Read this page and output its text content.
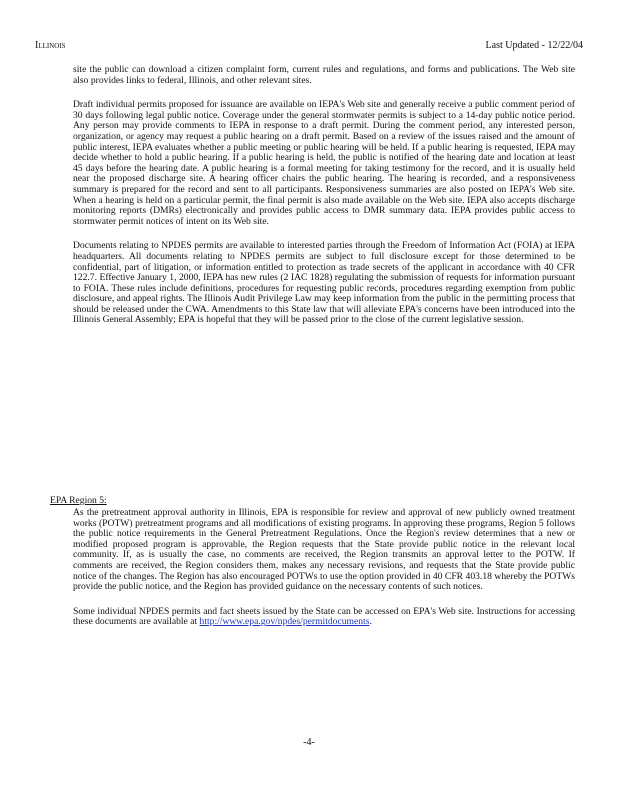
Illinois	Last Updated - 12/22/04

site the public can download a citizen complaint form, current rules and regulations, and forms and publications. The Web site also provides links to federal, Illinois, and other relevant sites.

Draft individual permits proposed for issuance are available on IEPA's Web site and generally receive a public comment period of 30 days following legal public notice. Coverage under the general stormwater permits is subject to a 14-day public notice period. Any person may provide comments to IEPA in response to a draft permit. During the comment period, any interested person, organization, or agency may request a public hearing on a draft permit. Based on a review of the issues raised and the amount of public interest, IEPA evaluates whether a public meeting or public hearing will be held. If a public hearing is requested, IEPA may decide whether to hold a public hearing. If a public hearing is held, the public is notified of the hearing date and location at least 45 days before the hearing date. A public hearing is a formal meeting for taking testimony for the record, and it is usually held near the proposed discharge site. A hearing officer chairs the public hearing. The hearing is recorded, and a responsiveness summary is prepared for the record and sent to all participants. Responsiveness summaries are also posted on IEPA's Web site. When a hearing is held on a particular permit, the final permit is also made available on the Web site. IEPA also accepts discharge monitoring reports (DMRs) electronically and provides public access to DMR summary data. IEPA provides public access to stormwater permit notices of intent on its Web site.

Documents relating to NPDES permits are available to interested parties through the Freedom of Information Act (FOIA) at IEPA headquarters. All documents relating to NPDES permits are subject to full disclosure except for those determined to be confidential, part of litigation, or information entitled to protection as trade secrets of the applicant in accordance with 40 CFR 122.7. Effective January 1, 2000, IEPA has new rules (2 IAC 1828) regulating the submission of requests for information pursuant to FOIA. These rules include definitions, procedures for requesting public records, procedures regarding exemption from public disclosure, and appeal rights. The Illinois Audit Privilege Law may keep information from the public in the permitting process that should be released under the CWA. Amendments to this State law that will alleviate EPA's concerns have been introduced into the Illinois General Assembly; EPA is hopeful that they will be passed prior to the close of the current legislative session.

EPA Region 5:

As the pretreatment approval authority in Illinois, EPA is responsible for review and approval of new publicly owned treatment works (POTW) pretreatment programs and all modifications of existing programs. In approving these programs, Region 5 follows the public notice requirements in the General Pretreatment Regulations. Once the Region's review determines that a new or modified proposed program is approvable, the Region requests that the State provide public notice in the relevant local community. If, as is usually the case, no comments are received, the Region transmits an approval letter to the POTW. If comments are received, the Region considers them, makes any necessary revisions, and requests that the State provide public notice of the changes. The Region has also encouraged POTWs to use the option provided in 40 CFR 403.18 whereby the POTWs provide the public notice, and the Region has provided guidance on the necessary contents of such notices.

Some individual NPDES permits and fact sheets issued by the State can be accessed on EPA's Web site. Instructions for accessing these documents are available at http://www.epa.gov/npdes/permitdocuments.

-4-
